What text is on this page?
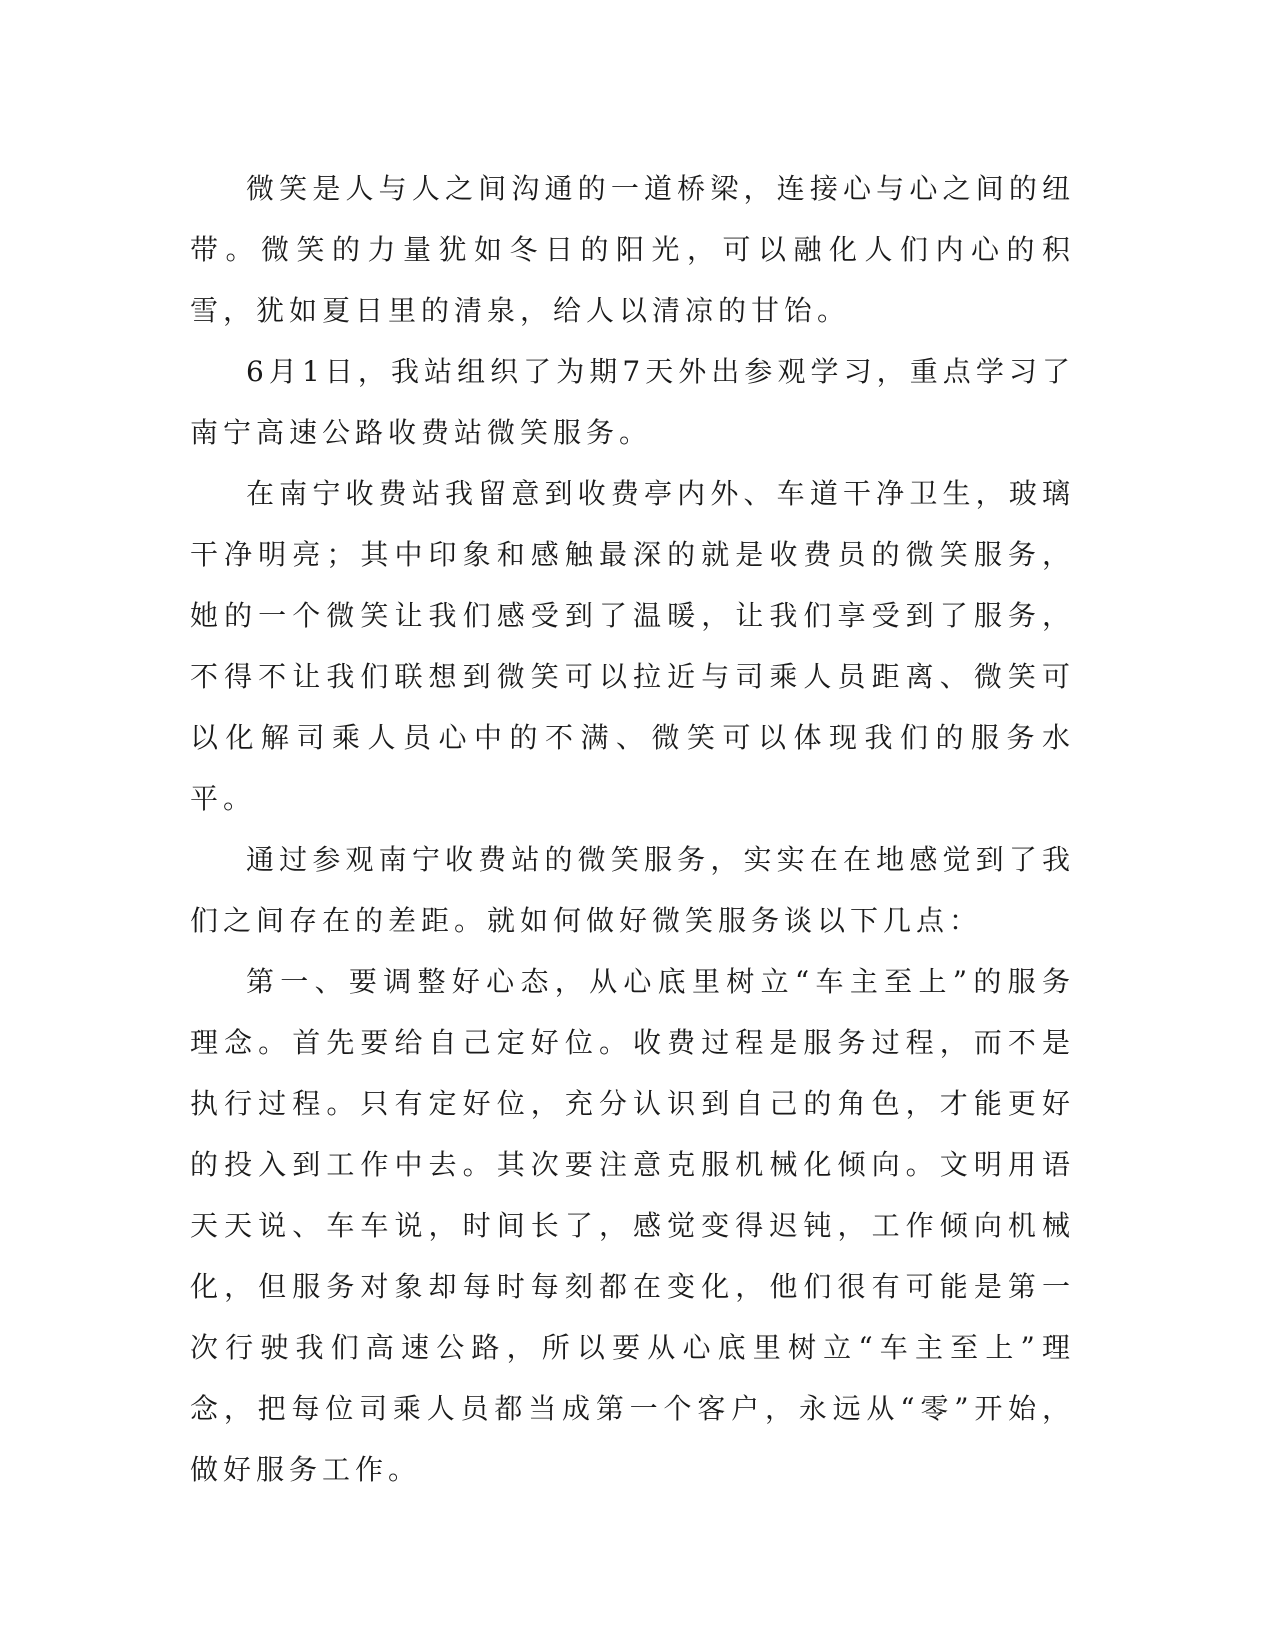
微笑是人与人之间沟通的一道桥梁，连接心与心之间的纽带。微笑的力量犹如冬日的阳光，可以融化人们内心的积雪，犹如夏日里的清泉，给人以清凉的甘饴。

6月1日，我站组织了为期7天外出参观学习，重点学习了南宁高速公路收费站微笑服务。

在南宁收费站我留意到收费亭内外、车道干净卫生，玻璃干净明亮；其中印象和感触最深的就是收费员的微笑服务，她的一个微笑让我们感受到了温暖，让我们享受到了服务，不得不让我们联想到微笑可以拉近与司乘人员距离、微笑可以化解司乘人员心中的不满、微笑可以体现我们的服务水平。

通过参观南宁收费站的微笑服务，实实在在地感觉到了我们之间存在的差距。就如何做好微笑服务谈以下几点：

第一、要调整好心态，从心底里树立“车主至上”的服务理念。首先要给自己定好位。收费过程是服务过程，而不是执行过程。只有定好位，充分认识到自己的角色，才能更好的投入到工作中去。其次要注意克服机械化倾向。文明用语天天说、车车说，时间长了，感觉变得迟钝，工作倾向机械化，但服务对象却每时每刻都在变化，他们很有可能是第一次行驶我们高速公路，所以要从心底里树立“车主至上”理念，把每位司乘人员都当成第一个客户，永远从“零”开始，做好服务工作。
